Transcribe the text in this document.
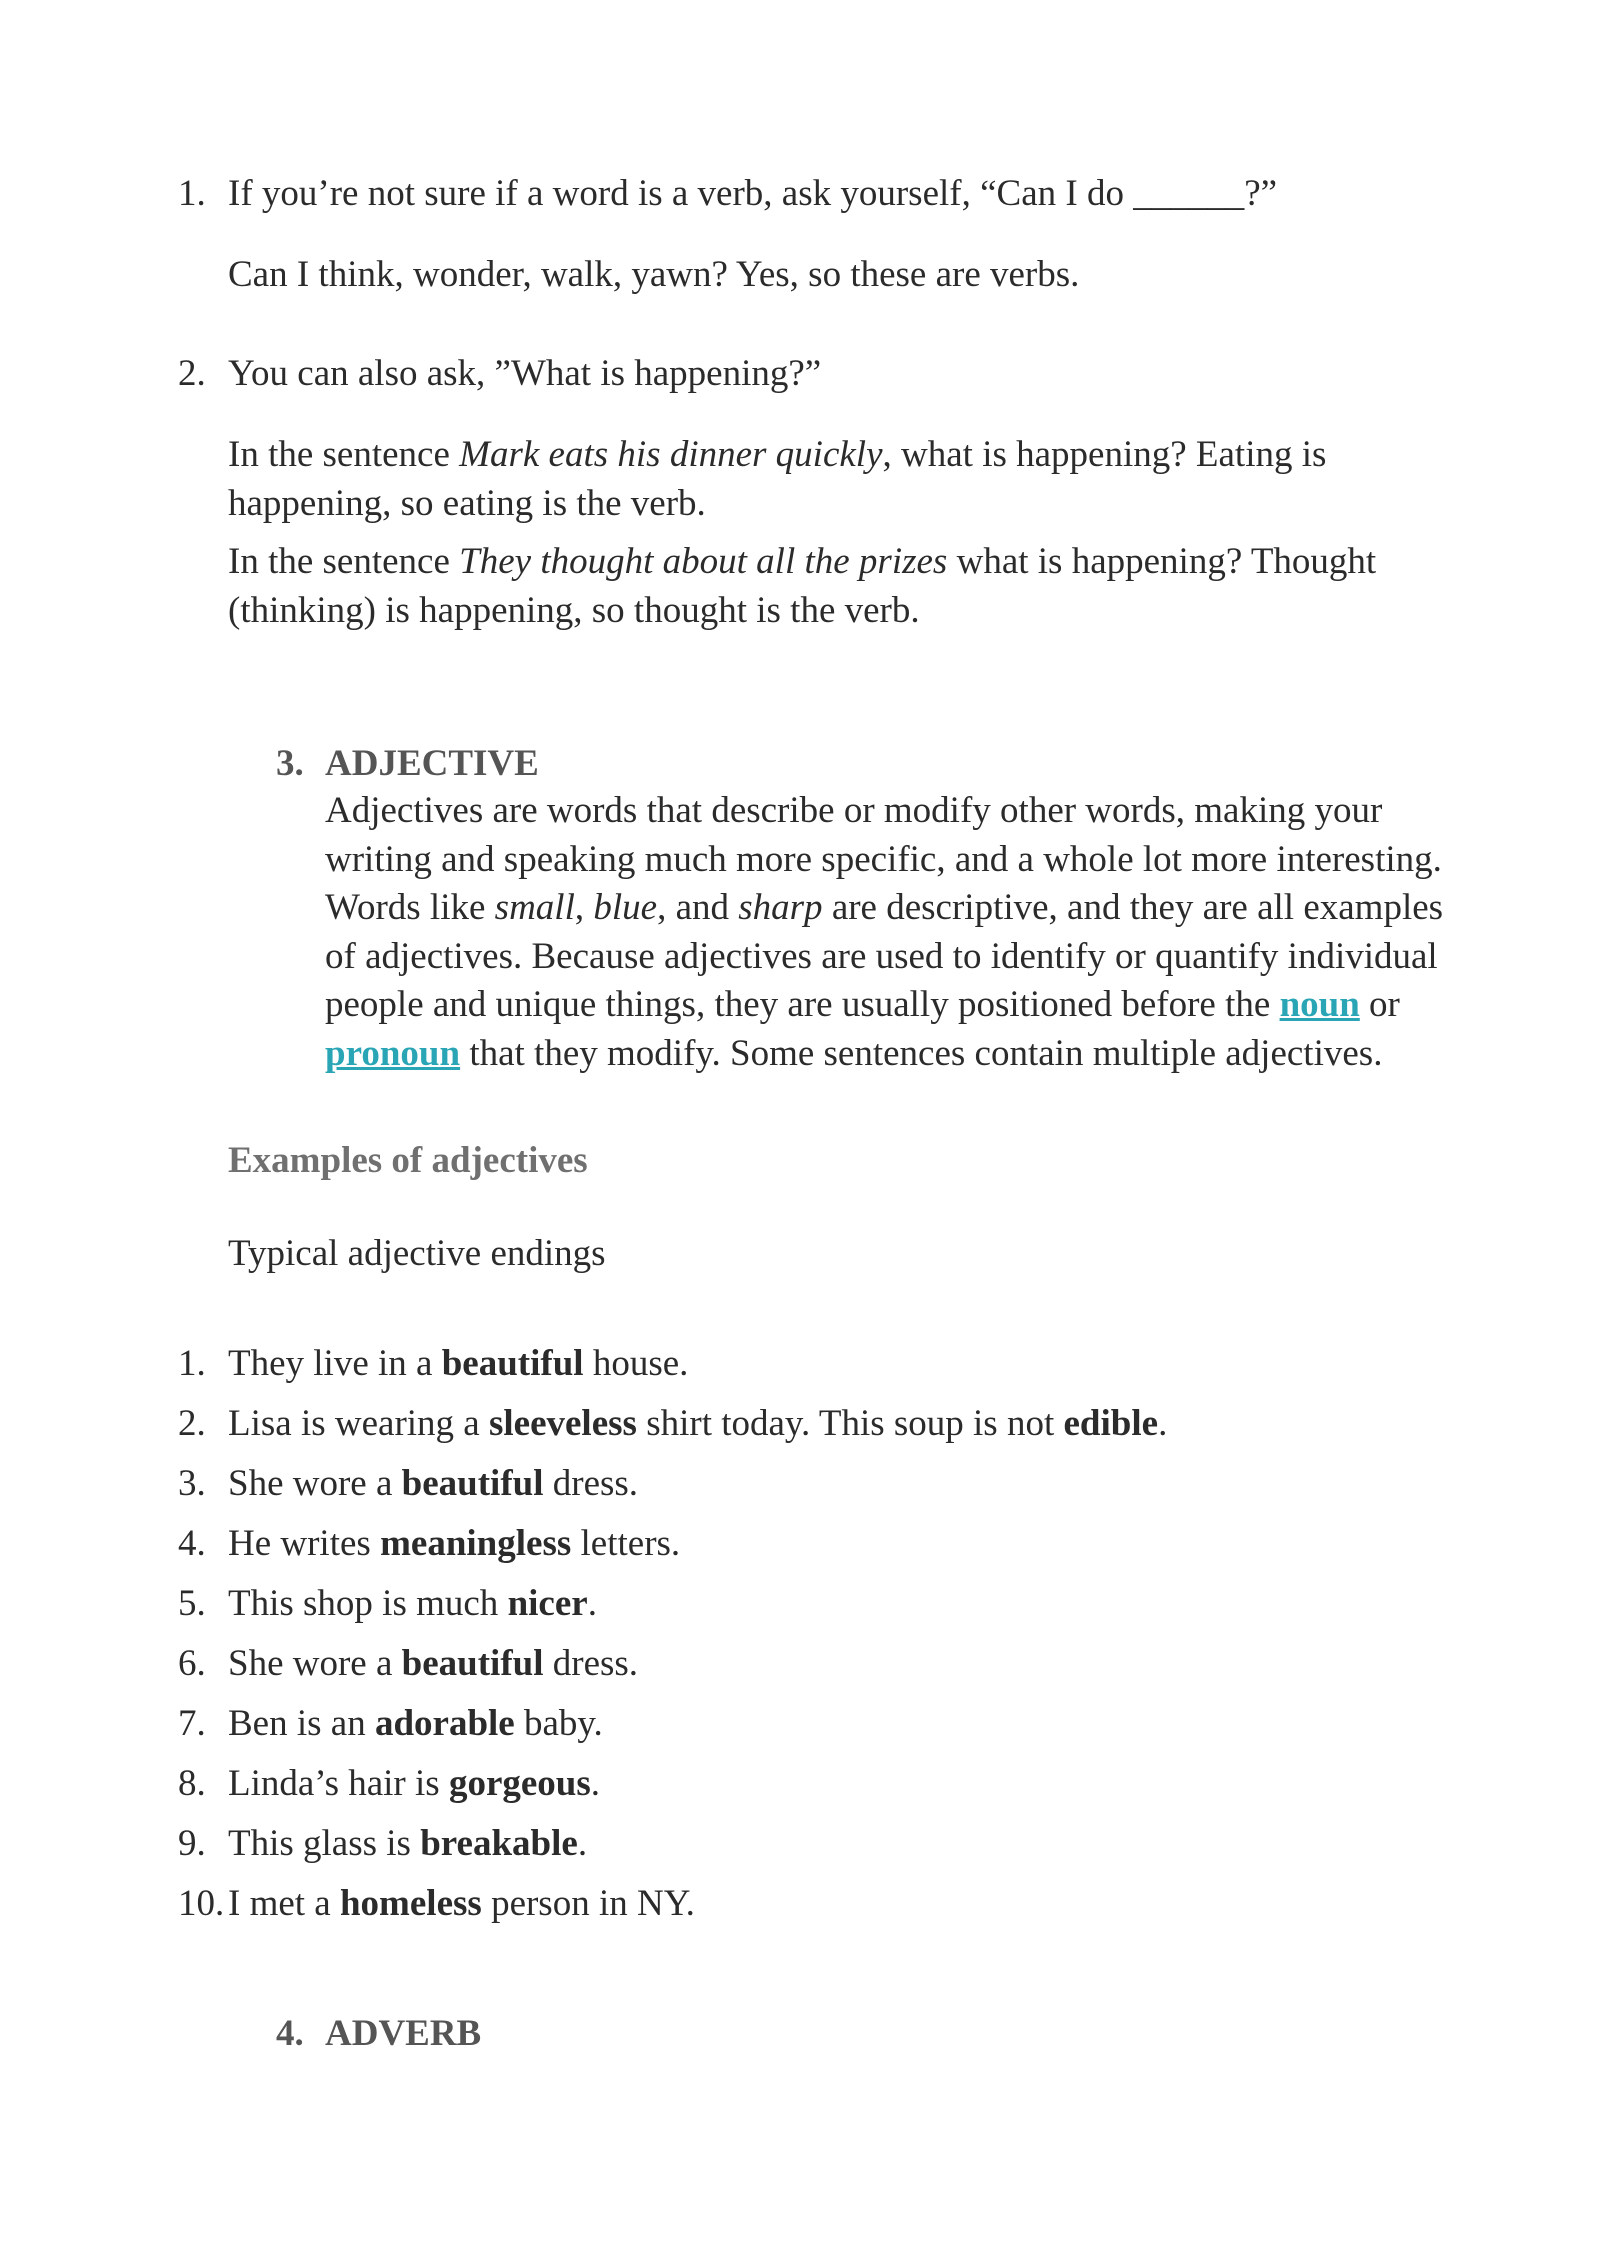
1. If you’re not sure if a word is a verb, ask yourself, “Can I do ______?”
Can I think, wonder, walk, yawn? Yes, so these are verbs.
2. You can also ask, ”What is happening?”
In the sentence Mark eats his dinner quickly, what is happening? Eating is happening, so eating is the verb.
In the sentence They thought about all the prizes what is happening? Thought (thinking) is happening, so thought is the verb.
3. ADJECTIVE
Adjectives are words that describe or modify other words, making your writing and speaking much more specific, and a whole lot more interesting. Words like small, blue, and sharp are descriptive, and they are all examples of adjectives. Because adjectives are used to identify or quantify individual people and unique things, they are usually positioned before the noun or pronoun that they modify. Some sentences contain multiple adjectives.
Examples of adjectives
Typical adjective endings
1. They live in a beautiful house.
2. Lisa is wearing a sleeveless shirt today. This soup is not edible.
3. She wore a beautiful dress.
4. He writes meaningless letters.
5. This shop is much nicer.
6. She wore a beautiful dress.
7. Ben is an adorable baby.
8. Linda’s hair is gorgeous.
9. This glass is breakable.
10. I met a homeless person in NY.
4. ADVERB
